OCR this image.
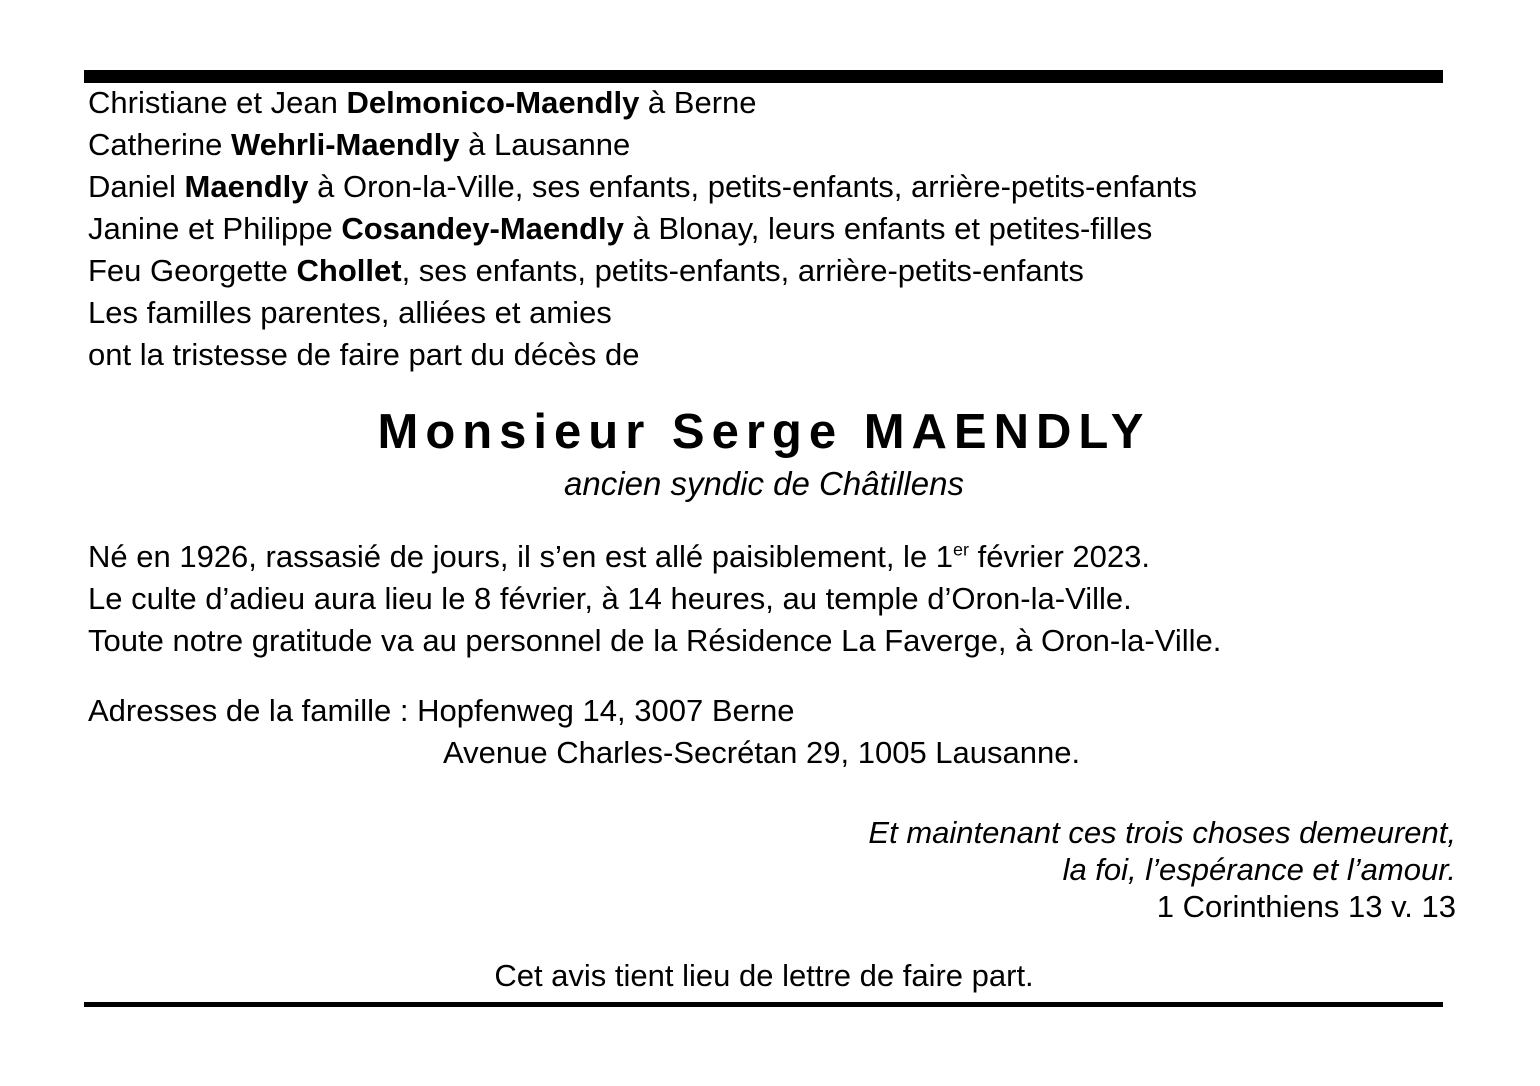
Christiane et Jean Delmonico-Maendly à Berne
Catherine Wehrli-Maendly à Lausanne
Daniel Maendly à Oron-la-Ville, ses enfants, petits-enfants, arrière-petits-enfants
Janine et Philippe Cosandey-Maendly à Blonay, leurs enfants et petites-filles
Feu Georgette Chollet, ses enfants, petits-enfants, arrière-petits-enfants
Les familles parentes, alliées et amies
ont la tristesse de faire part du décès de
Monsieur Serge MAENDLY
ancien syndic de Châtillens
Né en 1926, rassasié de jours, il s’en est allé paisiblement, le 1er février 2023.
Le culte d’adieu aura lieu le 8 février, à 14 heures, au temple d’Oron-la-Ville.
Toute notre gratitude va au personnel de la Résidence La Faverge, à Oron-la-Ville.
Adresses de la famille : Hopfenweg 14, 3007 Berne
Avenue Charles-Secrétan 29, 1005 Lausanne.
Et maintenant ces trois choses demeurent,
la foi, l’espérance et l’amour.
1 Corinthiens 13 v. 13
Cet avis tient lieu de lettre de faire part.
